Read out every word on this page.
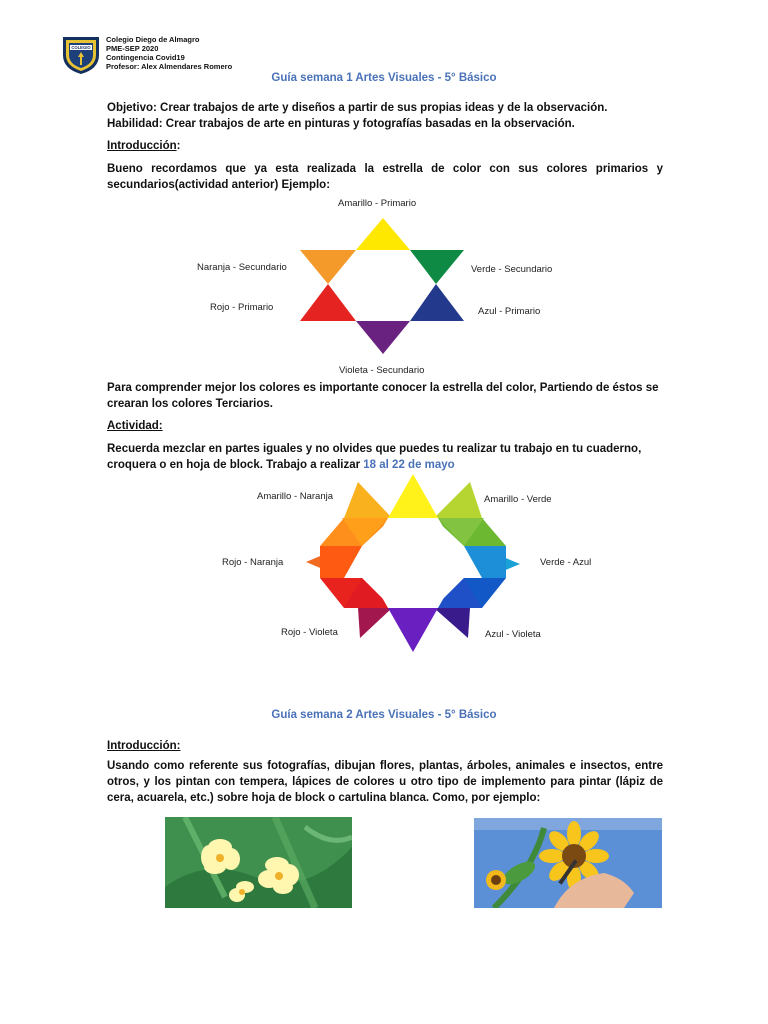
COLEGIO
Colegio Diego de Almagro
PME-SEP 2020
Contingencia Covid19
Profesor: Alex Almendares Romero
Guía semana 1 Artes Visuales - 5° Básico
Objetivo: Crear trabajos de arte y diseños a partir de sus propias ideas y de la observación.
Habilidad: Crear trabajos de arte en pinturas y fotografías basadas en la observación.
Introducción:
Bueno recordamos que ya esta realizada la estrella de color con sus colores primarios y secundarios(actividad anterior) Ejemplo:
Amarillo - Primario
Naranja - Secundario	Verde - Secundario
Rojo - Primario	Azul - Primario
Violeta - Secundario
Para comprender mejor los colores es importante conocer la estrella del color, Partiendo de éstos se crearan los colores Terciarios.
Actividad:
Recuerda mezclar en partes iguales y no olvides que puedes tu realizar tu trabajo en tu cuaderno, croquera o en hoja de block. Trabajo a realizar 18 al 22 de mayo
Amarillo - Naranja	Amarillo - Verde
Rojo - Naranja	Verde - Azul
Rojo - Violeta	Azul - Violeta
Guía semana 2 Artes Visuales - 5° Básico
Introducción:
Usando como referente sus fotografías, dibujan flores, plantas, árboles, animales e insectos, entre otros, y los pintan con tempera, lápices de colores u otro tipo de implemento para pintar (lápiz de cera, acuarela, etc.) sobre hoja de block o cartulina blanca. Como, por ejemplo:
